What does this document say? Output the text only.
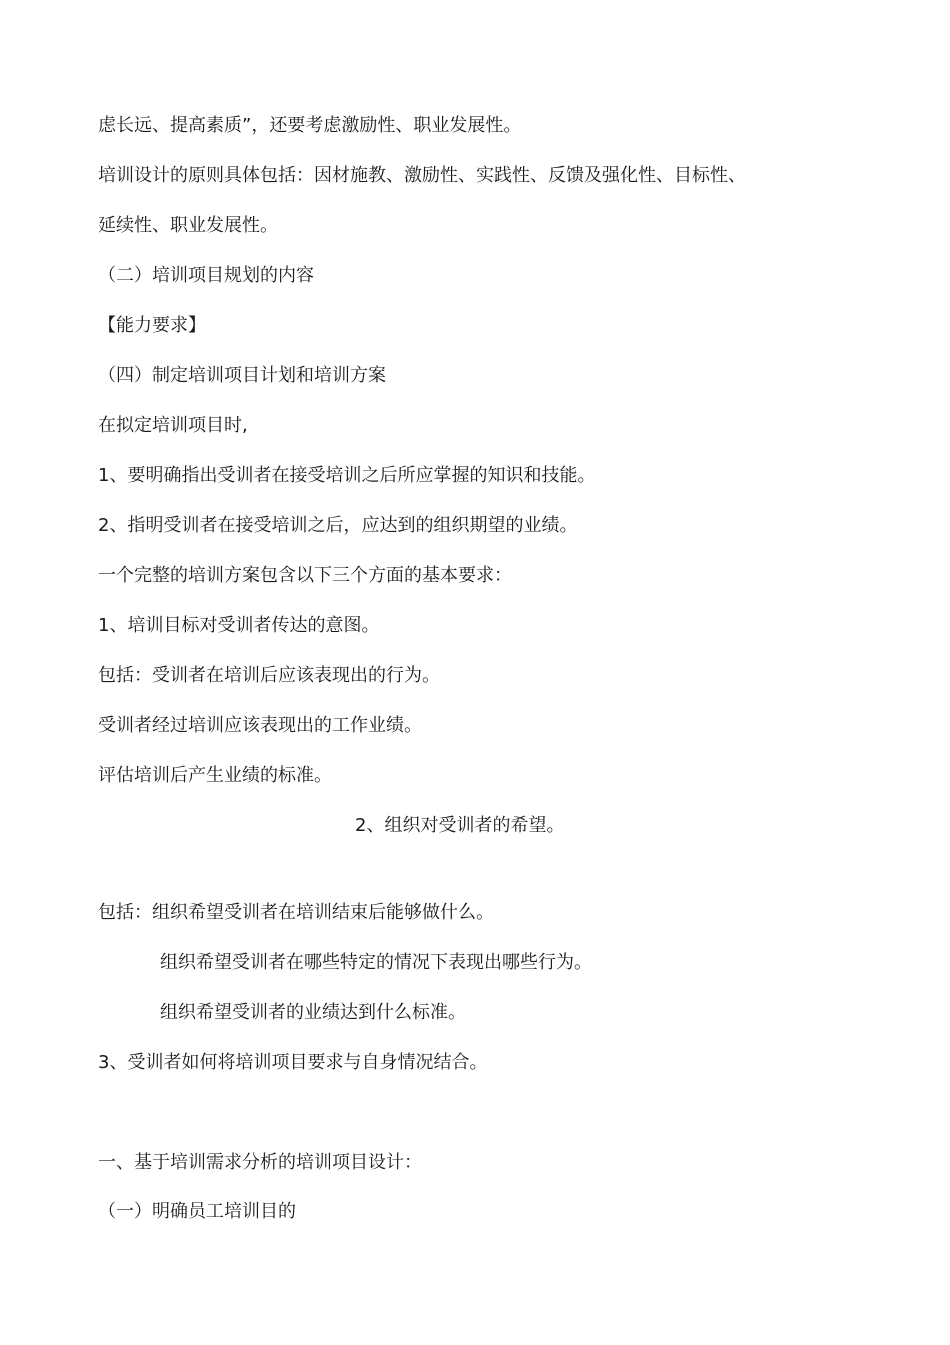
虑长远、提高素质”，还要考虑激励性、职业发展性。
培训设计的原则具体包括：因材施教、激励性、实践性、反馈及强化性、目标性、
延续性、职业发展性。
（二）培训项目规划的内容
【能力要求】
（四）制定培训项目计划和培训方案
在拟定培训项目时,
1、要明确指出受训者在接受培训之后所应掌握的知识和技能。
2、指明受训者在接受培训之后，应达到的组织期望的业绩。
一个完整的培训方案包含以下三个方面的基本要求：
1、培训目标对受训者传达的意图。
包括：受训者在培训后应该表现出的行为。
受训者经过培训应该表现出的工作业绩。
评估培训后产生业绩的标准。
2、组织对受训者的希望。
包括：组织希望受训者在培训结束后能够做什么。
组织希望受训者在哪些特定的情况下表现出哪些行为。
组织希望受训者的业绩达到什么标准。
3、受训者如何将培训项目要求与自身情况结合。
一、基于培训需求分析的培训项目设计：
（一）明确员工培训目的
